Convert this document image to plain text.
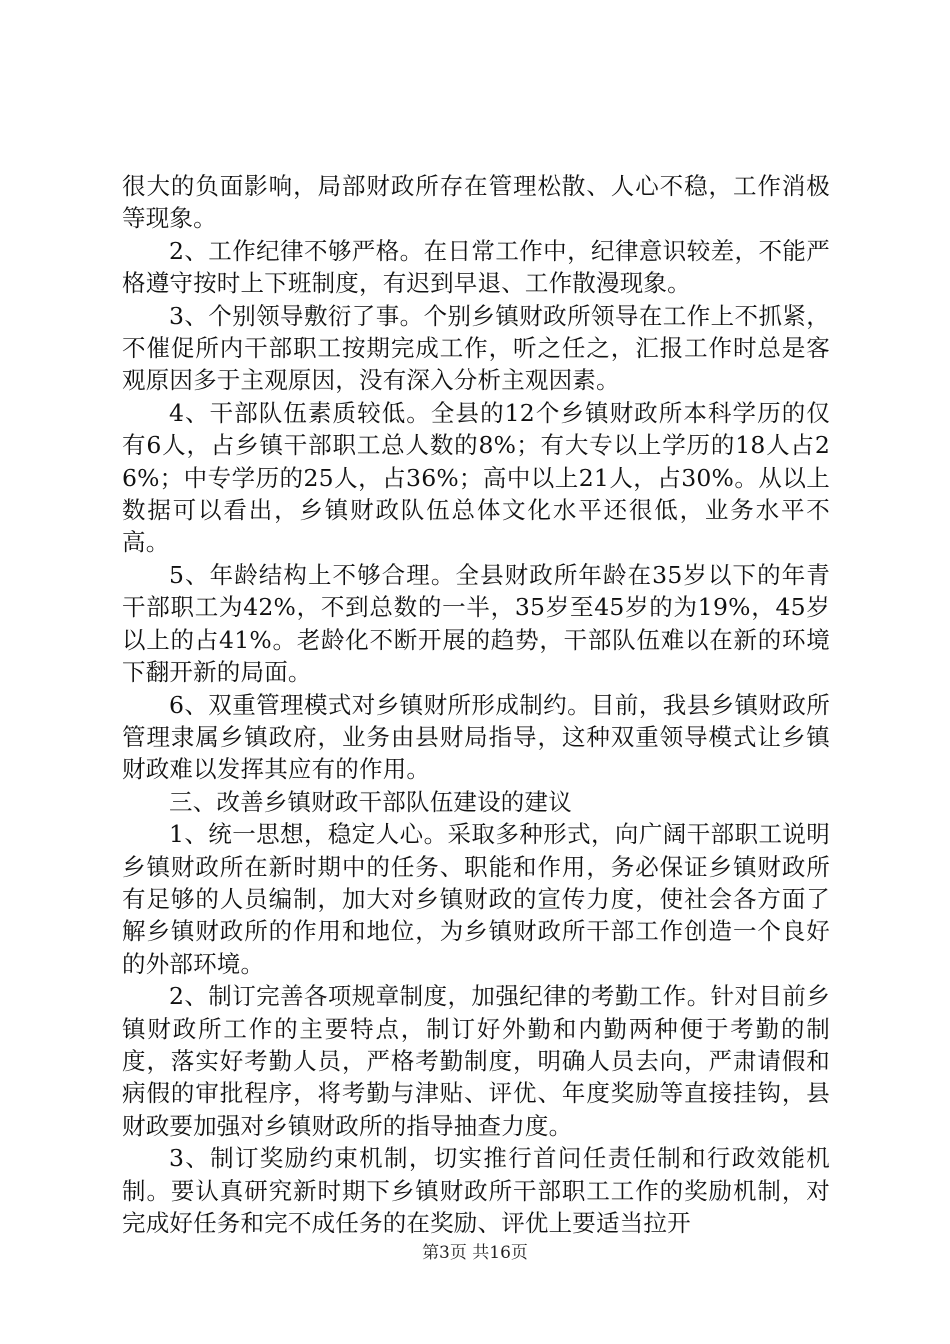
很大的负面影响，局部财政所存在管理松散、人心不稳，工作消极等现象。

2、工作纪律不够严格。在日常工作中，纪律意识较差，不能严格遵守按时上下班制度，有迟到早退、工作散漫现象。

3、个别领导敷衍了事。个别乡镇财政所领导在工作上不抓紧，不催促所内干部职工按期完成工作，听之任之，汇报工作时总是客观原因多于主观原因，没有深入分析主观因素。

4、干部队伍素质较低。全县的12个乡镇财政所本科学历的仅有6人，占乡镇干部职工总人数的8%；有大专以上学历的18人占26%；中专学历的25人，占36%；高中以上21人，占30%。从以上数据可以看出，乡镇财政队伍总体文化水平还很低，业务水平不高。

5、年龄结构上不够合理。全县财政所年龄在35岁以下的年青干部职工为42%，不到总数的一半，35岁至45岁的为19%，45岁以上的占41%。老龄化不断开展的趋势，干部队伍难以在新的环境下翻开新的局面。

6、双重管理模式对乡镇财所形成制约。目前，我县乡镇财政所管理隶属乡镇政府，业务由县财局指导，这种双重领导模式让乡镇财政难以发挥其应有的作用。

三、改善乡镇财政干部队伍建设的建议

1、统一思想，稳定人心。采取多种形式，向广阔干部职工说明乡镇财政所在新时期中的任务、职能和作用，务必保证乡镇财政所有足够的人员编制，加大对乡镇财政的宣传力度，使社会各方面了解乡镇财政所的作用和地位，为乡镇财政所干部工作创造一个良好的外部环境。

2、制订完善各项规章制度，加强纪律的考勤工作。针对目前乡镇财政所工作的主要特点，制订好外勤和内勤两种便于考勤的制度，落实好考勤人员，严格考勤制度，明确人员去向，严肃请假和病假的审批程序，将考勤与津贴、评优、年度奖励等直接挂钩，县财政要加强对乡镇财政所的指导抽查力度。

3、制订奖励约束机制，切实推行首问任责任制和行政效能机制。要认真研究新时期下乡镇财政所干部职工工作的奖励机制，对完成好任务和完不成任务的在奖励、评优上要适当拉开

第3页 共16页
